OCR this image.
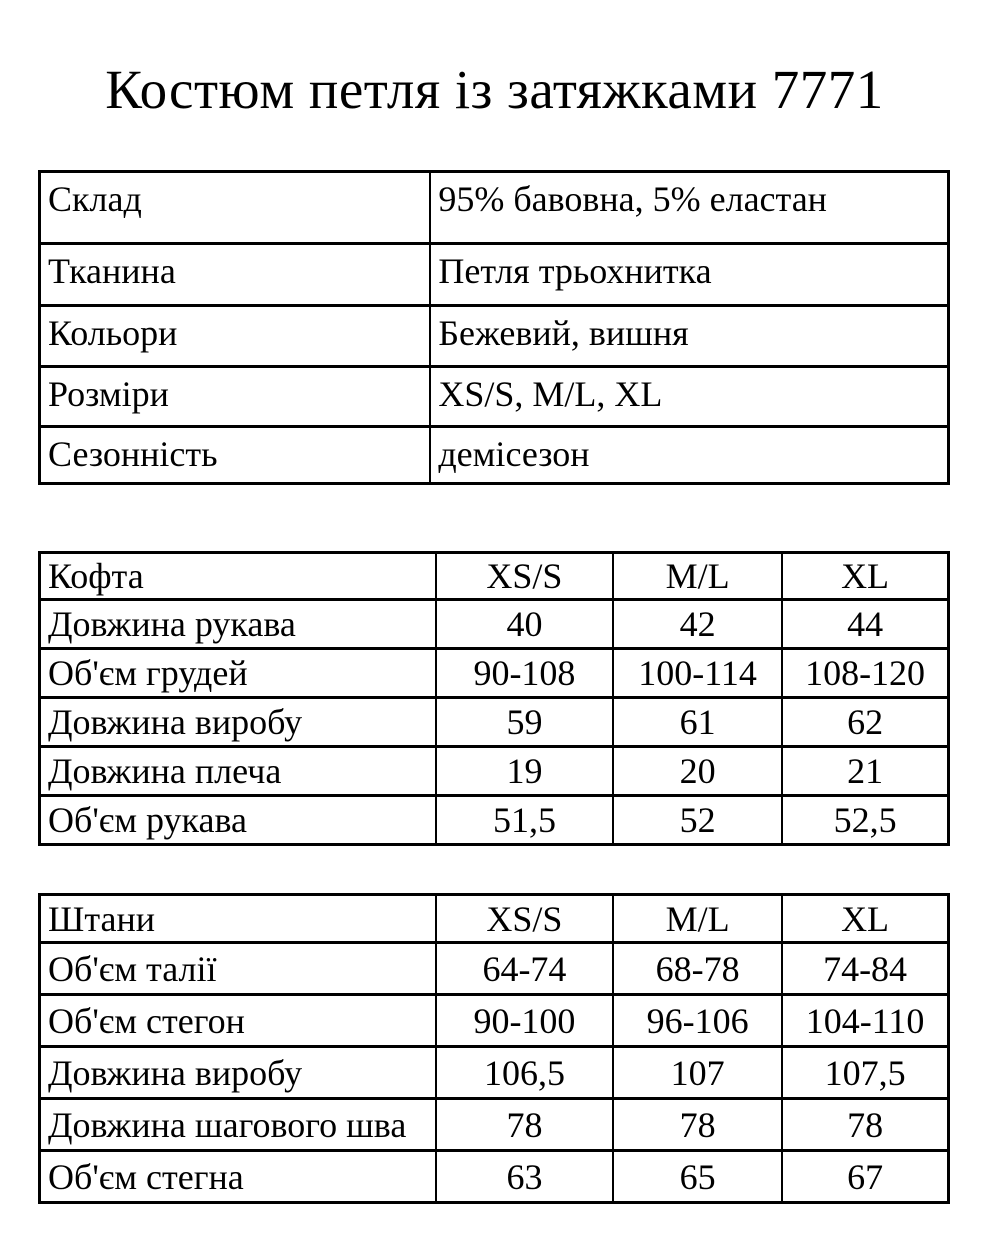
Костюм петля із затяжками 7771
Склад	95% бавовна, 5% еластан
Тканина	Петля трьохнитка
Кольори	Бежевий, вишня
Розміри	XS/S, M/L, XL
Сезонність	демісезон
Кофта	XS/S	M/L	XL
Довжина рукава	40	42	44
Об'єм грудей	90-108	100-114	108-120
Довжина виробу	59	61	62
Довжина плеча	19	20	21
Об'єм рукава	51,5	52	52,5
Штани	XS/S	M/L	XL
Об'єм талії	64-74	68-78	74-84
Об'єм стегон	90-100	96-106	104-110
Довжина виробу	106,5	107	107,5
Довжина шагового шва	78	78	78
Об'єм стегна	63	65	67
